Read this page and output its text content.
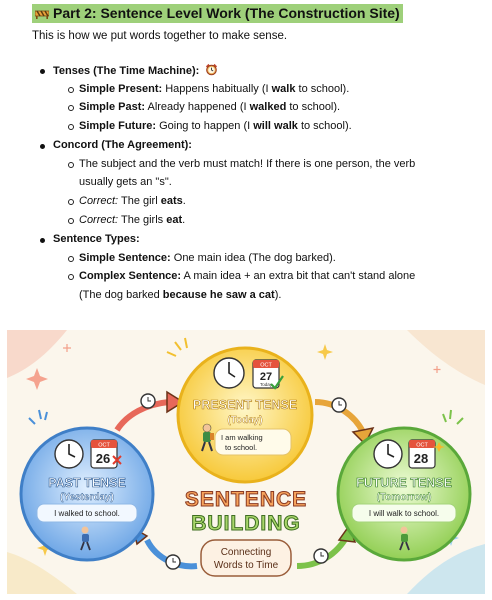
Part 2: Sentence Level Work (The Construction Site)
This is how we put words together to make sense.
Tenses (The Time Machine):
Simple Present: Happens habitually (I walk to school).
Simple Past: Already happened (I walked to school).
Simple Future: Going to happen (I will walk to school).
Concord (The Agreement):
The subject and the verb must match! If there is one person, the verb
usually gets an "s".
Correct: The girl eats.
Correct: The girls eat.
Sentence Types:
Simple Sentence: One main idea (The dog barked).
Complex Sentence: A main idea + an extra bit that can't stand alone
(The dog barked because he saw a cat).
OCT
27
Today
PRESENT TENSE
(Today)
I am walking
to school.
OCT
26
PAST TENSE
(Yesterday)
I walked to school.
OCT
28
FUTURE TENSE
(Tomorrow)
I will walk to school.
SENTENCE
BUILDING
Connecting
Words to Time
